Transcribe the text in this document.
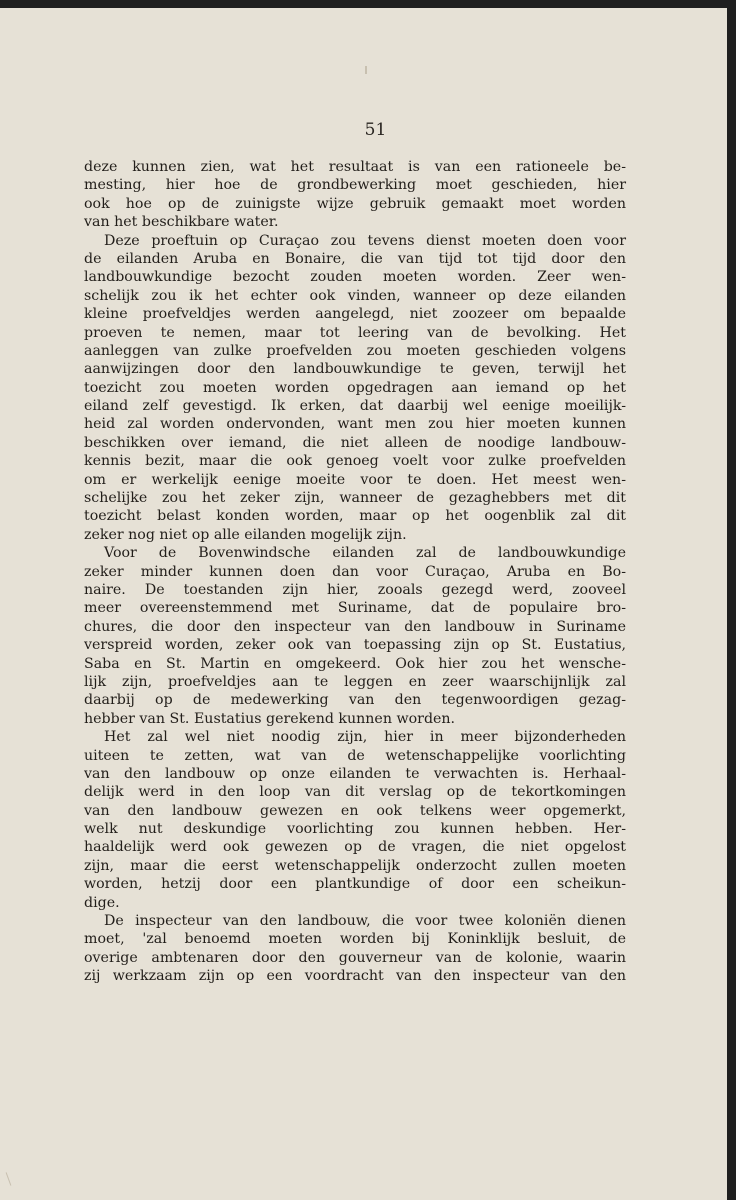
51
deze kunnen zien, wat het resultaat is van een rationeele be-
mesting, hier hoe de grondbewerking moet geschieden, hier
ook hoe op de zuinigste wijze gebruik gemaakt moet worden
van het beschikbare water.
Deze proeftuin op Curaçao zou tevens dienst moeten doen voor
de eilanden Aruba en Bonaire, die van tijd tot tijd door den
landbouwkundige bezocht zouden moeten worden. Zeer wen-
schelijk zou ik het echter ook vinden, wanneer op deze eilanden
kleine proefveldjes werden aangelegd, niet zoozeer om bepaalde
proeven te nemen, maar tot leering van de bevolking. Het
aanleggen van zulke proefvelden zou moeten geschieden volgens
aanwijzingen door den landbouwkundige te geven, terwijl het
toezicht zou moeten worden opgedragen aan iemand op het
eiland zelf gevestigd. Ik erken, dat daarbij wel eenige moeilijk-
heid zal worden ondervonden, want men zou hier moeten kunnen
beschikken over iemand, die niet alleen de noodige landbouw-
kennis bezit, maar die ook genoeg voelt voor zulke proefvelden
om er werkelijk eenige moeite voor te doen. Het meest wen-
schelijke zou het zeker zijn, wanneer de gezaghebbers met dit
toezicht belast konden worden, maar op het oogenblik zal dit
zeker nog niet op alle eilanden mogelijk zijn.
Voor de Bovenwindsche eilanden zal de landbouwkundige
zeker minder kunnen doen dan voor Curaçao, Aruba en Bo-
naire. De toestanden zijn hier, zooals gezegd werd, zooveel
meer overeenstemmend met Suriname, dat de populaire bro-
chures, die door den inspecteur van den landbouw in Suriname
verspreid worden, zeker ook van toepassing zijn op St. Eustatius,
Saba en St. Martin en omgekeerd. Ook hier zou het wensche-
lijk zijn, proefveldjes aan te leggen en zeer waarschijnlijk zal
daarbij op de medewerking van den tegenwoordigen gezag-
hebber van St. Eustatius gerekend kunnen worden.
Het zal wel niet noodig zijn, hier in meer bijzonderheden
uiteen te zetten, wat van de wetenschappelijke voorlichting
van den landbouw op onze eilanden te verwachten is. Herhaal-
delijk werd in den loop van dit verslag op de tekortkomingen
van den landbouw gewezen en ook telkens weer opgemerkt,
welk nut deskundige voorlichting zou kunnen hebben. Her-
haaldelijk werd ook gewezen op de vragen, die niet opgelost
zijn, maar die eerst wetenschappelijk onderzocht zullen moeten
worden, hetzij door een plantkundige of door een scheikun-
dige.
De inspecteur van den landbouw, die voor twee koloniën dienen
moet, 'zal benoemd moeten worden bij Koninklijk besluit, de
overige ambtenaren door den gouverneur van de kolonie, waarin
zij werkzaam zijn op een voordracht van den inspecteur van den
